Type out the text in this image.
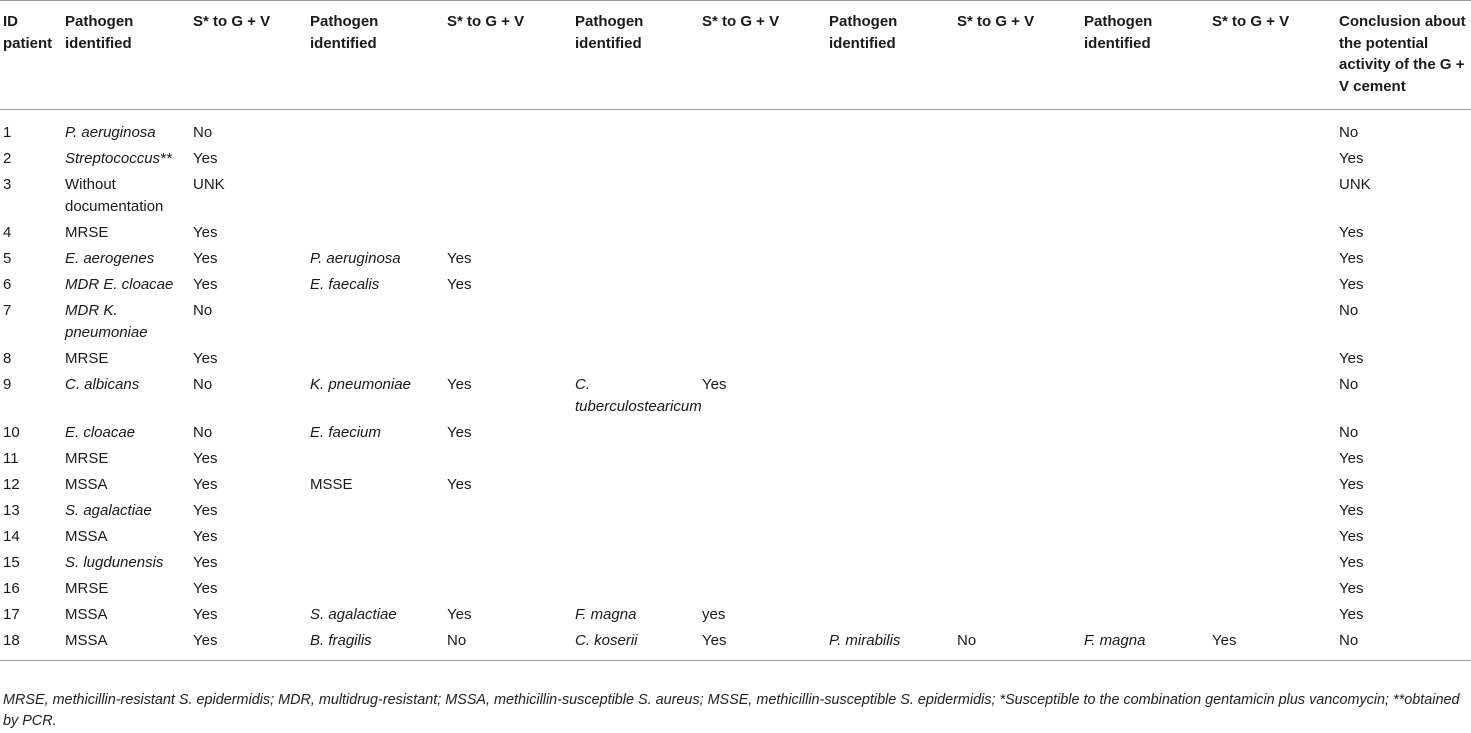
ID patient	Pathogen identified	S* to G + V	Pathogen identified	S* to G + V	Pathogen identified	S* to G + V	Pathogen identified	S* to G + V	Pathogen identified	S* to G + V	Conclusion about the potential activity of the G + V cement
1	P. aeruginosa	No									No
2	Streptococcus**	Yes									Yes
3	Without documentation	UNK									UNK
4	MRSE	Yes									Yes
5	E. aerogenes	Yes	P. aeruginosa	Yes							Yes
6	MDR E. cloacae	Yes	E. faecalis	Yes							Yes
7	MDR K. pneumoniae	No									No
8	MRSE	Yes									Yes
9	C. albicans	No	K. pneumoniae	Yes	C. tuberculostearicum	Yes					No
10	E. cloacae	No	E. faecium	Yes							No
11	MRSE	Yes									Yes
12	MSSA	Yes	MSSE	Yes							Yes
13	S. agalactiae	Yes									Yes
14	MSSA	Yes									Yes
15	S. lugdunensis	Yes									Yes
16	MRSE	Yes									Yes
17	MSSA	Yes	S. agalactiae	Yes	F. magna	yes					Yes
18	MSSA	Yes	B. fragilis	No	C. koserii	Yes	P. mirabilis	No	F. magna	Yes	No
MRSE, methicillin-resistant S. epidermidis; MDR, multidrug-resistant; MSSA, methicillin-susceptible S. aureus; MSSE, methicillin-susceptible S. epidermidis; *Susceptible to the combination gentamicin plus vancomycin; **obtained by PCR.
